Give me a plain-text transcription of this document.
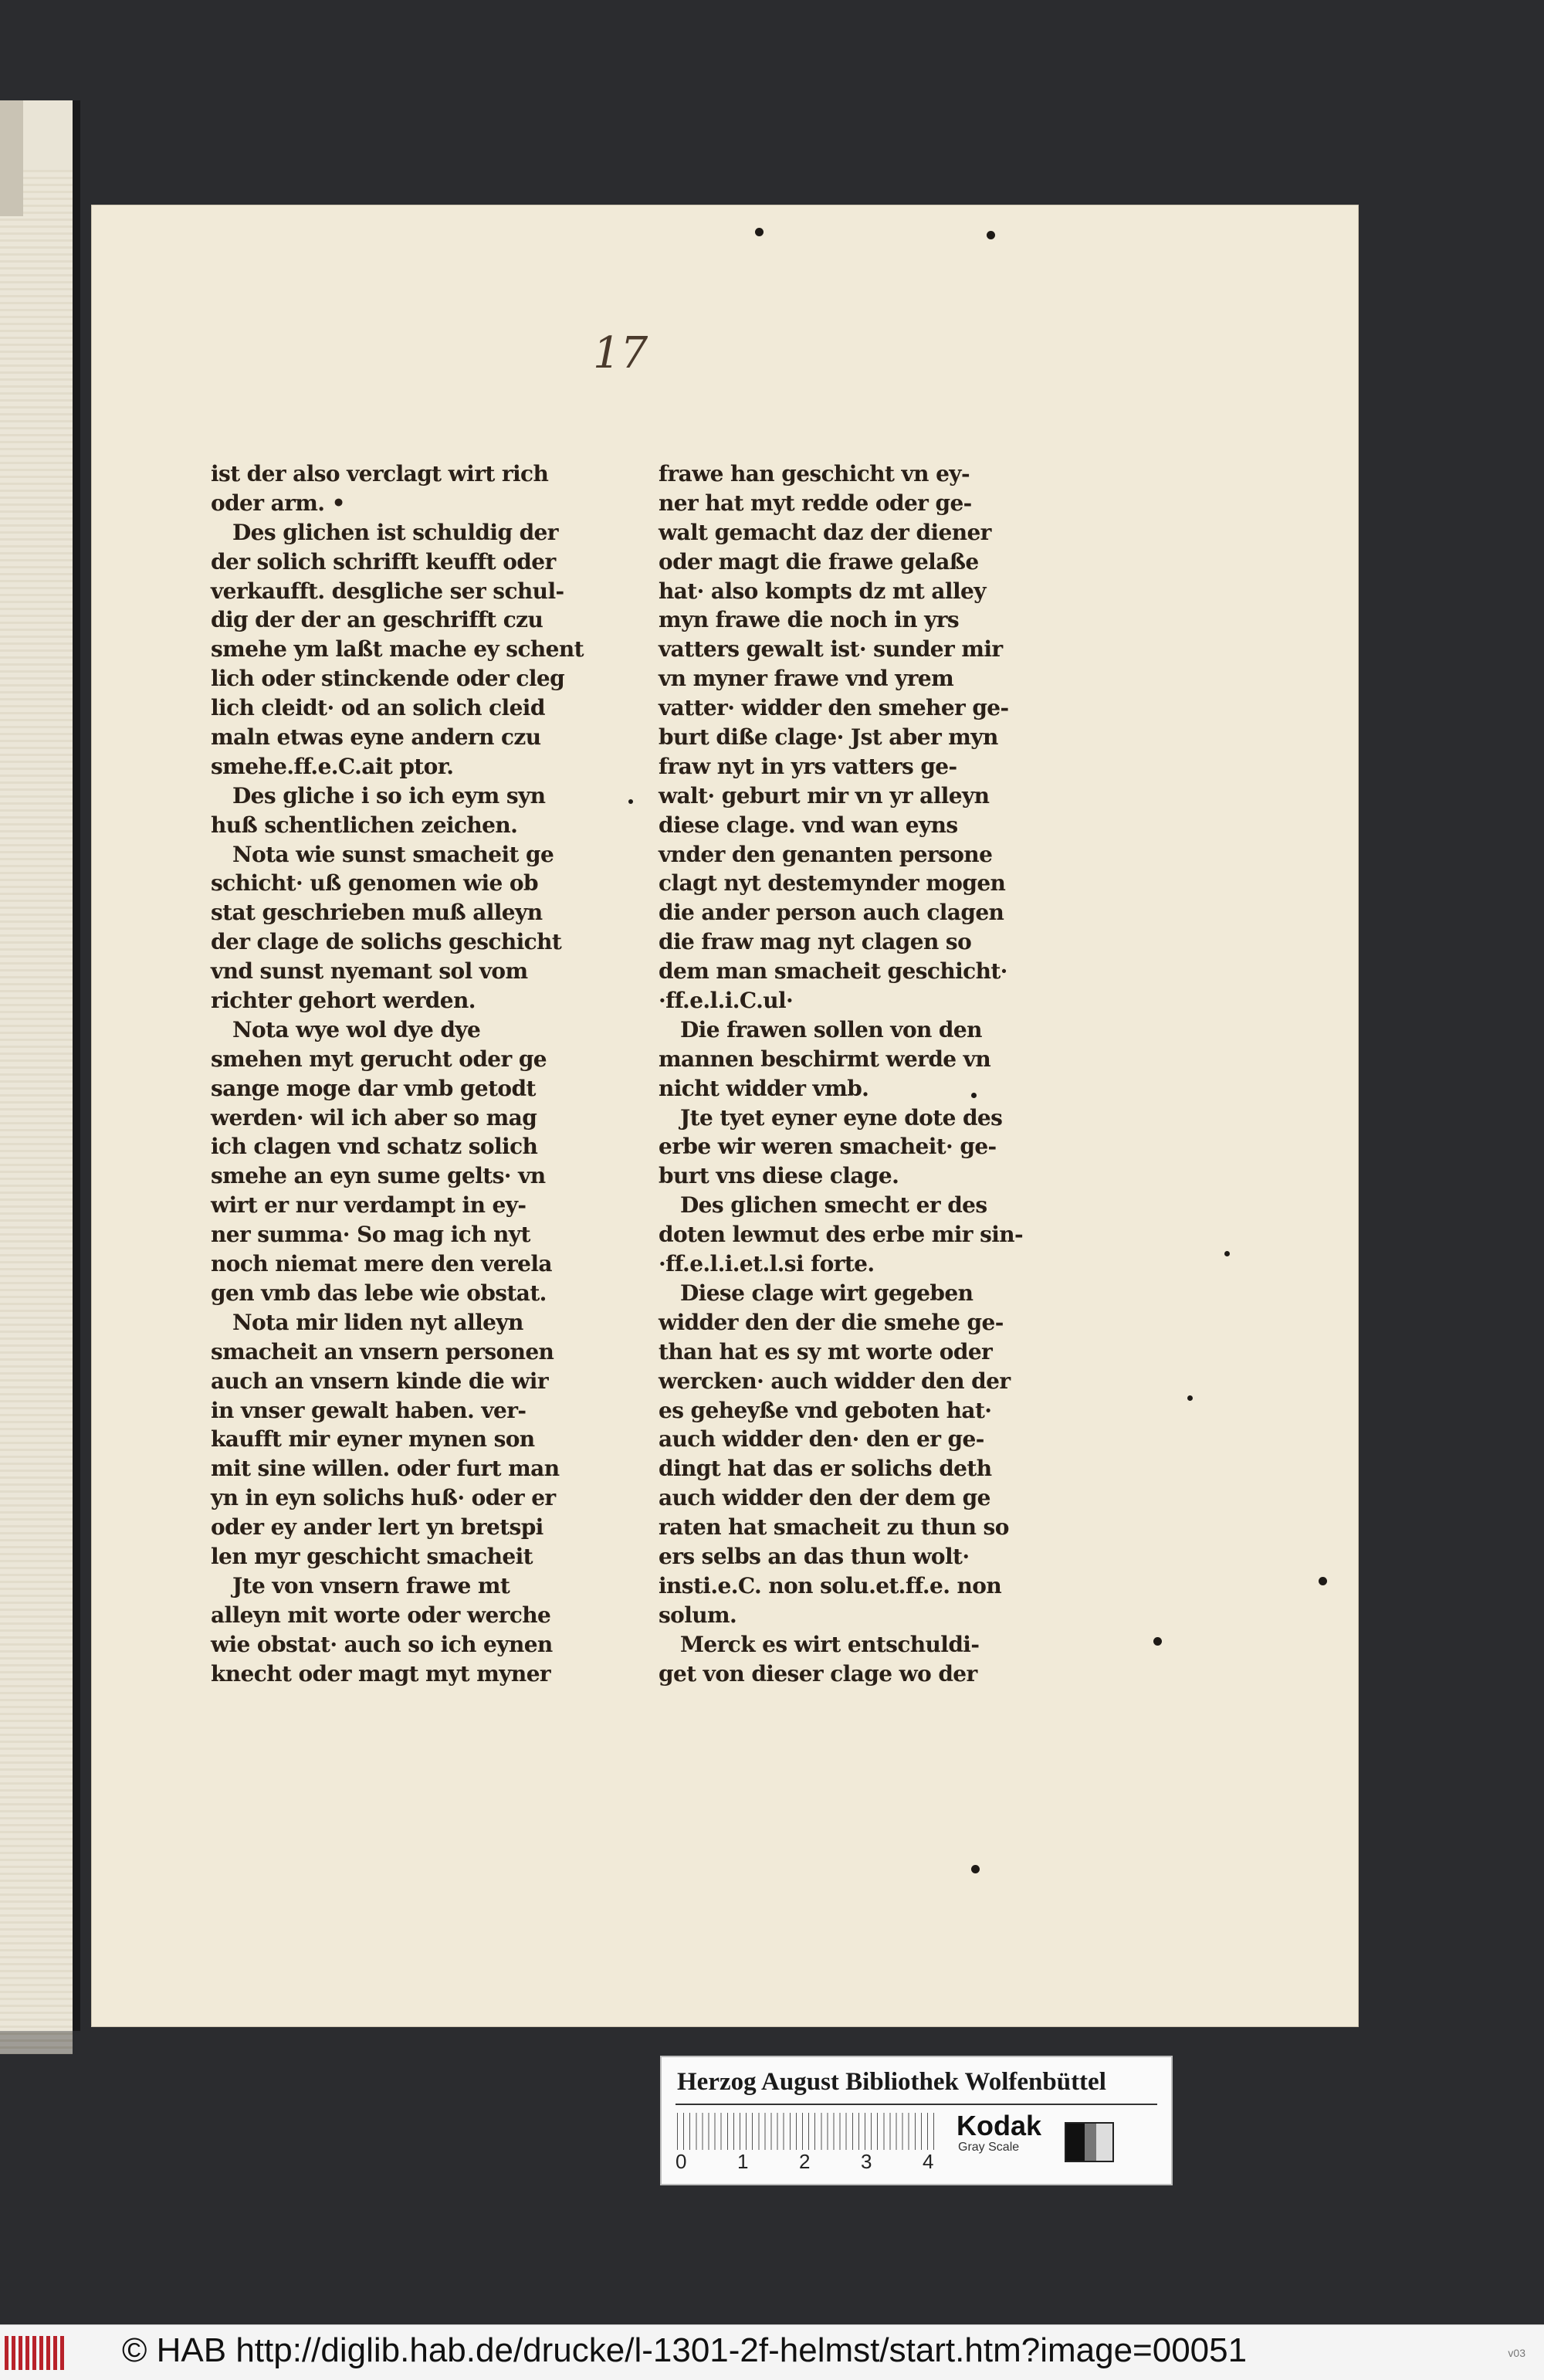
17
ist der also verclagt wirt rich
oder arm. •
Des glichen ist schuldig der
der solich schrifft keufft oder
verkaufft. desgliche ser schul-
dig der der an geschrifft czu
smehe ym laßt mache ey schent
lich oder stinckende oder cleg
lich cleidt· od an solich cleid
maln etwas eyne andern czu
smehe.ff.e.C.ait ptor.
Des gliche i so ich eym syn
huß schentlichen zeichen.
Nota wie sunst smacheit ge
schicht· uß genomen wie ob
stat geschrieben muß alleyn
der clage de solichs geschicht
vnd sunst nyemant sol vom
richter gehort werden.
Nota wye wol dye dye
smehen myt gerucht oder ge
sange moge dar vmb getodt
werden· wil ich aber so mag
ich clagen vnd schatz solich
smehe an eyn sume gelts· vn
wirt er nur verdampt in ey-
ner summa· So mag ich nyt
noch niemat mere den verela
gen vmb das lebe wie obstat.
Nota mir liden nyt alleyn
smacheit an vnsern personen
auch an vnsern kinde die wir
in vnser gewalt haben. ver-
kaufft mir eyner mynen son
mit sine willen. oder furt man
yn in eyn solichs huß· oder er
oder ey ander lert yn bretspi
len myr geschicht smacheit
Jte von vnsern frawe mt
alleyn mit worte oder werche
wie obstat· auch so ich eynen
knecht oder magt myt myner
frawe han geschicht vn ey-
ner hat myt redde oder ge-
walt gemacht daz der diener
oder magt die frawe gelaße
hat· also kompts dz mt alley
myn frawe die noch in yrs
vatters gewalt ist· sunder mir
vn myner frawe vnd yrem
vatter· widder den smeher ge-
burt diße clage· Jst aber myn
fraw nyt in yrs vatters ge-
walt· geburt mir vn yr alleyn
diese clage. vnd wan eyns
vnder den genanten persone
clagt nyt destemynder mogen
die ander person auch clagen
die fraw mag nyt clagen so
dem man smacheit geschicht·
·ff.e.l.i.C.ul·
Die frawen sollen von den
mannen beschirmt werde vn
nicht widder vmb.
Jte tyet eyner eyne dote des
erbe wir weren smacheit· ge-
burt vns diese clage.
Des glichen smecht er des
doten lewmut des erbe mir sin-
·ff.e.l.i.et.l.si forte.
Diese clage wirt gegeben
widder den der die smehe ge-
than hat es sy mt worte oder
wercken· auch widder den der
es geheyße vnd geboten hat·
auch widder den· den er ge-
dingt hat das er solichs deth
auch widder den der dem ge
raten hat smacheit zu thun so
ers selbs an das thun wolt·
insti.e.C. non solu.et.ff.e. non
solum.
Merck es wirt entschuldi-
get von dieser clage wo der
Herzog August Bibliothek Wolfenbüttel
0	1	2	3	4
Kodak
Gray Scale
© HAB http://diglib.hab.de/drucke/l-1301-2f-helmst/start.htm?image=00051	v03
